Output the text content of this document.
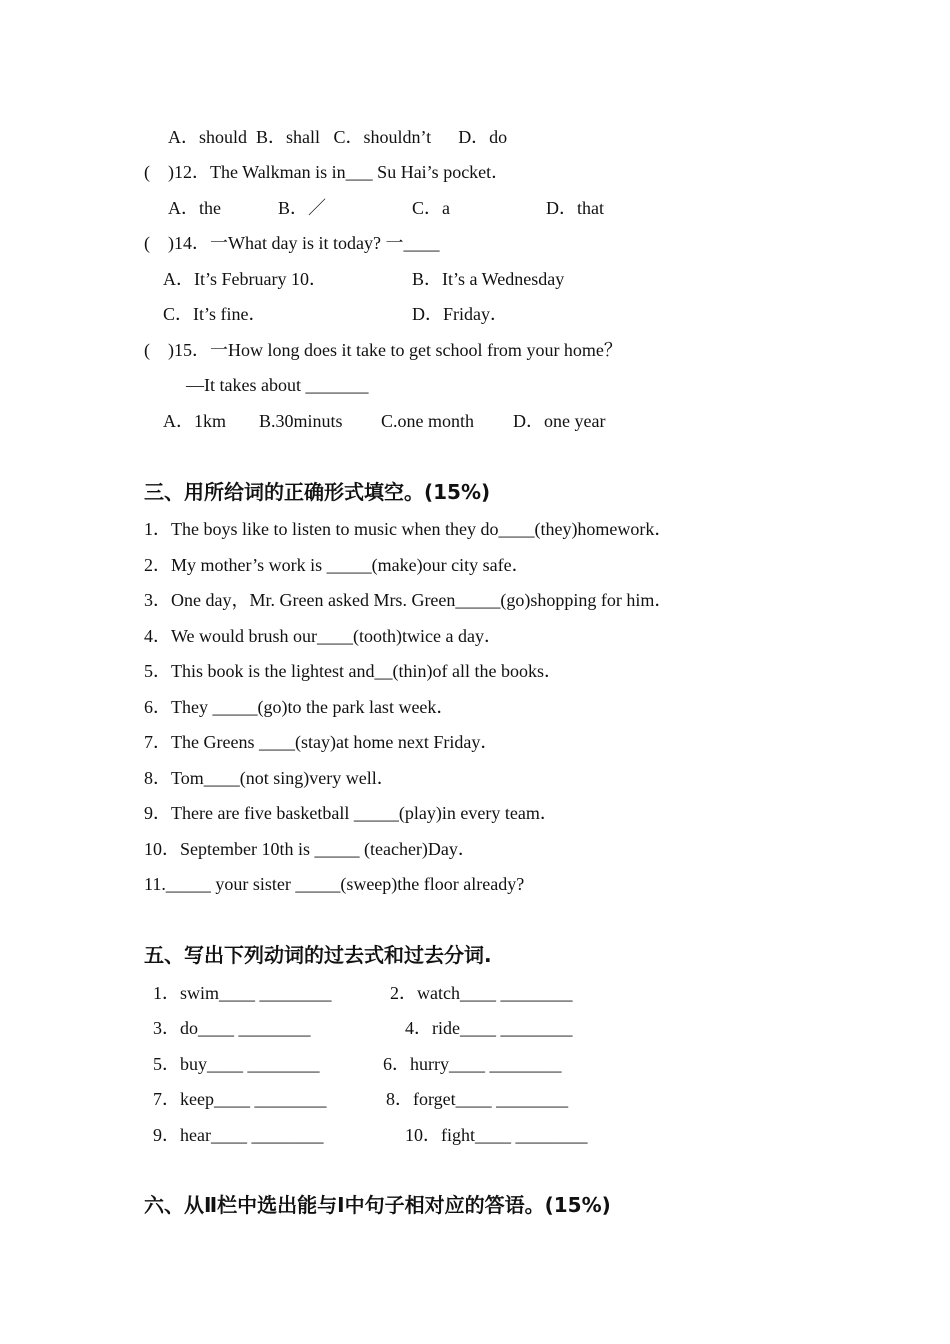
A．should  B．shall   C．shouldn’t      D．do
(    )12．The Walkman is in___ Su Hai’s pocket．
A．the	B．／	C．a	D．that
(    )14．一What day is it today? 一____
A．It’s February 10．	B．It’s a Wednesday
C．It’s fine．	D．Friday．
(    )15．一How long does it take to get school from your home？
—It takes about _______
A．1km B.30minuts C.one month D．one year
三、用所给词的正确形式填空。(15%)
1．The boys like to listen to music when they do____(they)homework．
2．My mother’s work is _____(make)our city safe．
3．One day，Mr. Green asked Mrs. Green_____(go)shopping for him．
4．We would brush our____(tooth)twice a day．
5．This book is the lightest and__(thin)of all the books．
6．They _____(go)to the park last week．
7．The Greens ____(stay)at home next Friday．
8．Tom____(not sing)very well．
9．There are five basketball _____(play)in every team．
10．September 10th is _____ (teacher)Day．
11._____ your sister _____(sweep)the floor already?
五、写出下列动词的过去式和过去分词.
1．swim____ ________	2．watch____ ________
3．do____ ________	4．ride____ ________
5．buy____ ________	6．hurry____ ________
7．keep____ ________	8．forget____ ________
9．hear____ ________	10．fight____ ________
六、从Ⅱ栏中选出能与Ⅰ中句子相对应的答语。(15%)
